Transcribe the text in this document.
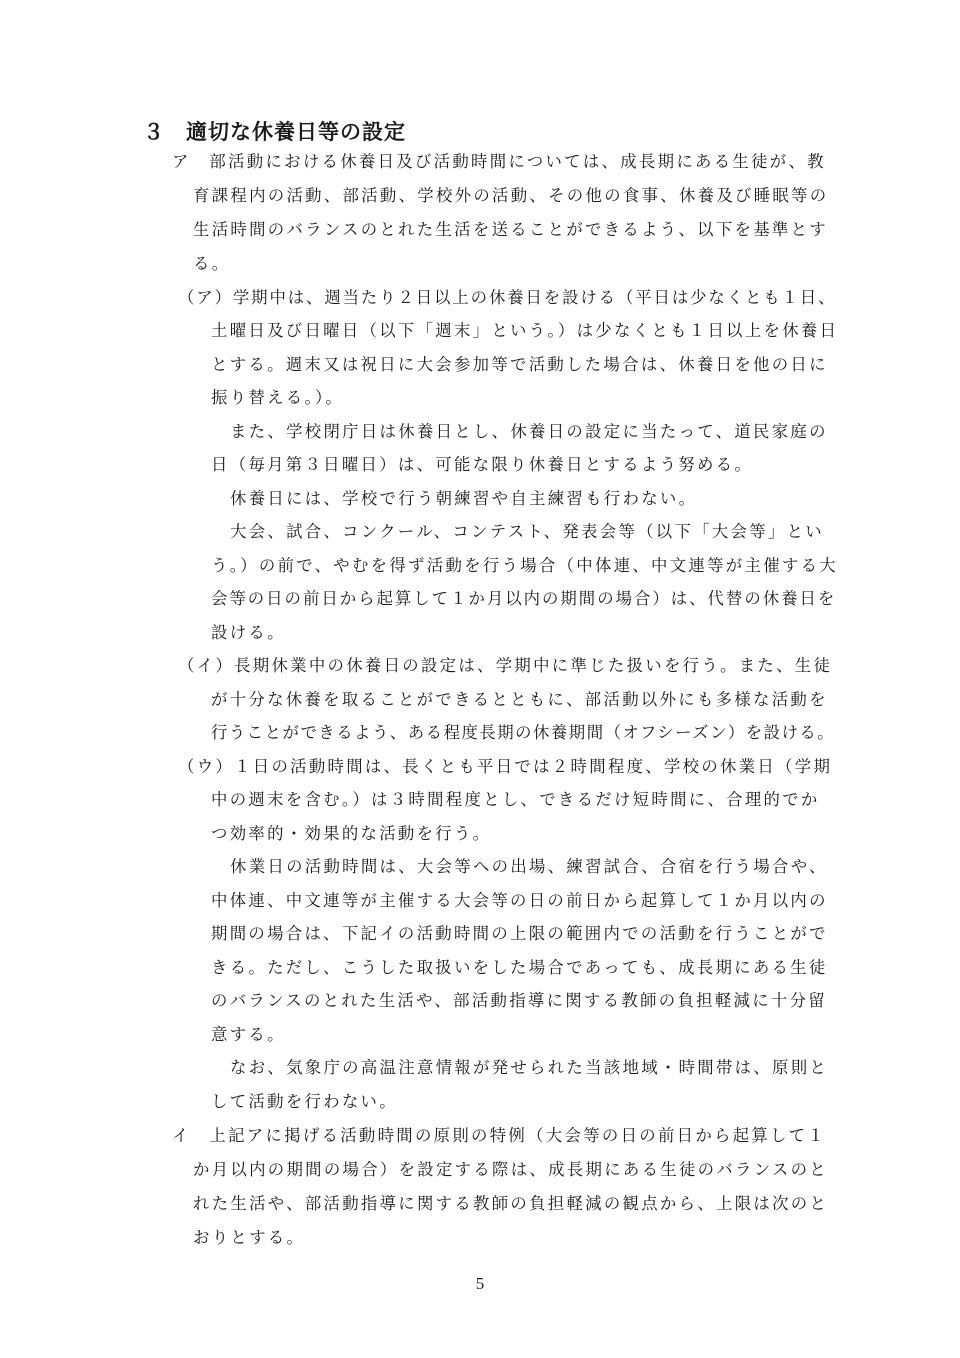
３ 適切な休養日等の設定
ア　部活動における休養日及び活動時間については、成長期にある生徒が、教
育課程内の活動、部活動、学校外の活動、その他の食事、休養及び睡眠等の
生活時間のバランスのとれた生活を送ることができるよう、以下を基準とす
る。
（ア）学期中は、週当たり２日以上の休養日を設ける（平日は少なくとも１日、
土曜日及び日曜日（以下「週末」という。）は少なくとも１日以上を休養日
とする。週末又は祝日に大会参加等で活動した場合は、休養日を他の日に
振り替える。）。
また、学校閉庁日は休養日とし、休養日の設定に当たって、道民家庭の
日（毎月第３日曜日）は、可能な限り休養日とするよう努める。
休養日には、学校で行う朝練習や自主練習も行わない。
大会、試合、コンクール、コンテスト、発表会等（以下「大会等」とい
う。）の前で、やむを得ず活動を行う場合（中体連、中文連等が主催する大
会等の日の前日から起算して１か月以内の期間の場合）は、代替の休養日を
設ける。
（イ）長期休業中の休養日の設定は、学期中に準じた扱いを行う。また、生徒
が十分な休養を取ることができるとともに、部活動以外にも多様な活動を
行うことができるよう、ある程度長期の休養期間（オフシーズン）を設ける。
（ウ）１日の活動時間は、長くとも平日では２時間程度、学校の休業日（学期
中の週末を含む。）は３時間程度とし、できるだけ短時間に、合理的でか
つ効率的・効果的な活動を行う。
休業日の活動時間は、大会等への出場、練習試合、合宿を行う場合や、
中体連、中文連等が主催する大会等の日の前日から起算して１か月以内の
期間の場合は、下記イの活動時間の上限の範囲内での活動を行うことがで
きる。ただし、こうした取扱いをした場合であっても、成長期にある生徒
のバランスのとれた生活や、部活動指導に関する教師の負担軽減に十分留
意する。
なお、気象庁の高温注意情報が発せられた当該地域・時間帯は、原則と
して活動を行わない。
イ　上記アに掲げる活動時間の原則の特例（大会等の日の前日から起算して１
か月以内の期間の場合）を設定する際は、成長期にある生徒のバランスのと
れた生活や、部活動指導に関する教師の負担軽減の観点から、上限は次のと
おりとする。
5
